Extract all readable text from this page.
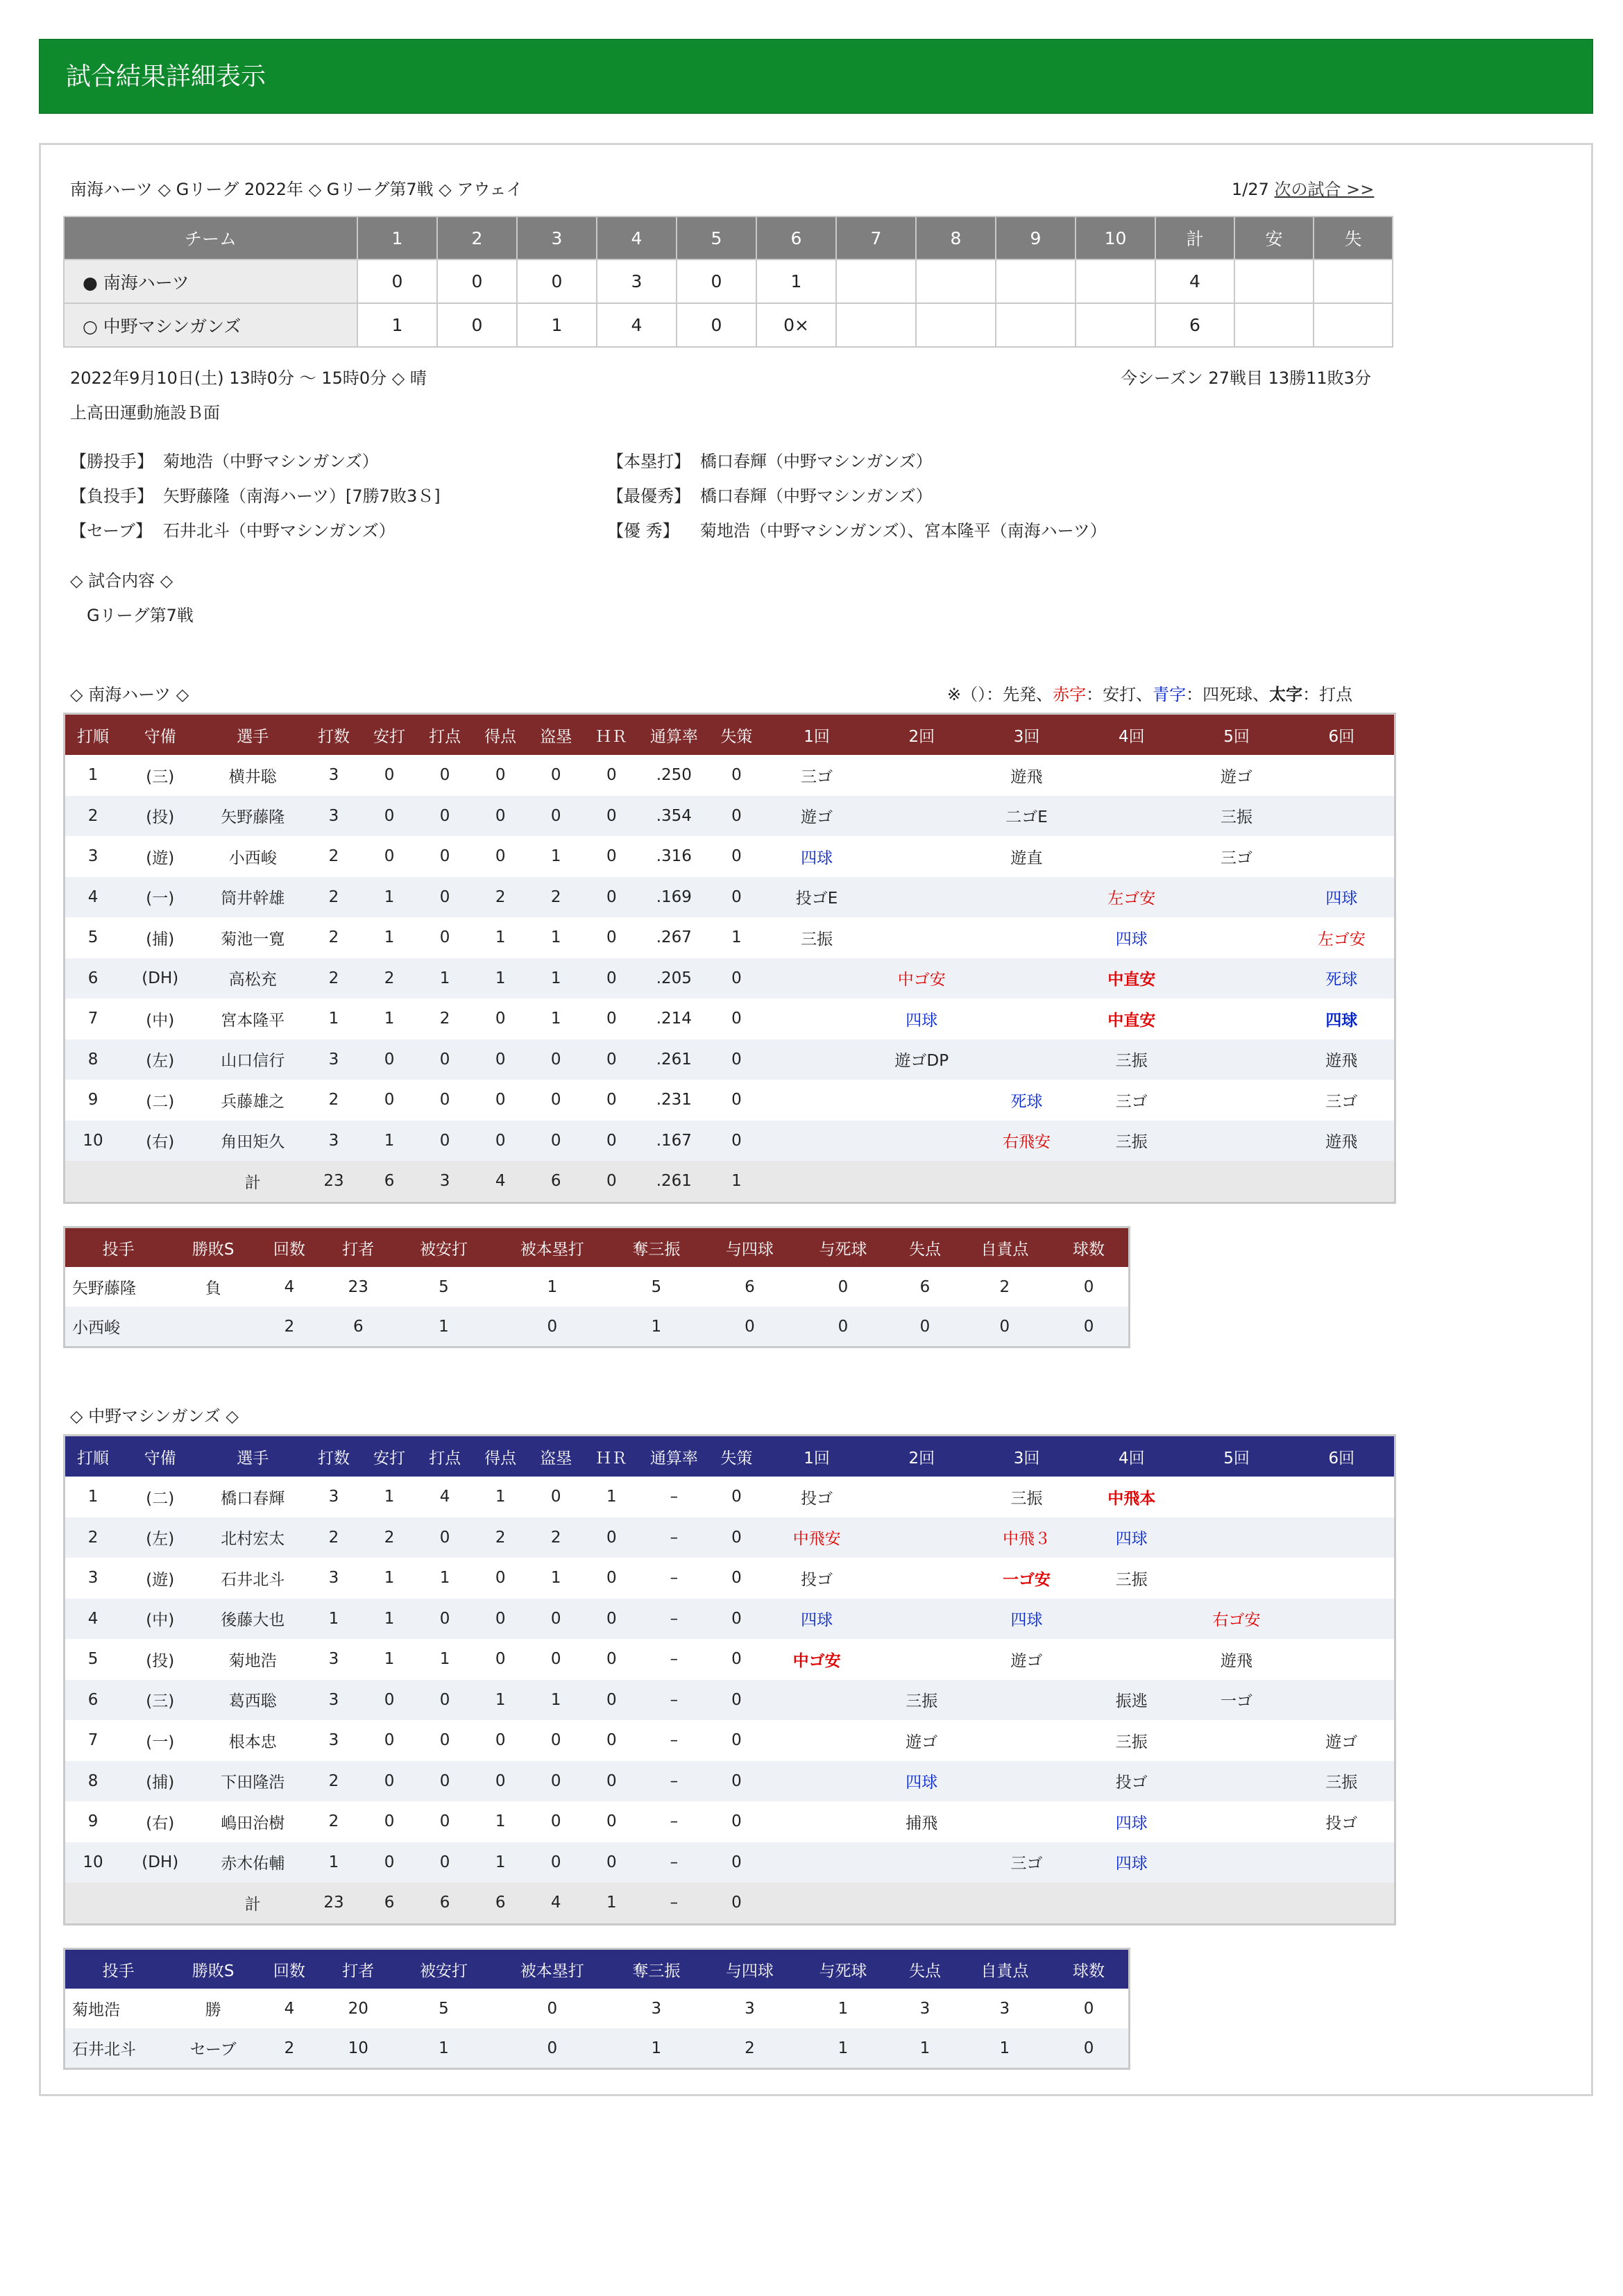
試合結果詳細表示
南海ハーツ ◇ Gリーグ 2022年 ◇ Gリーグ第7戦 ◇ アウェイ	1/27 次の試合 >>
チーム	1	2	3	4	5	6	7	8	9	10	計	安	失
● 南海ハーツ	0	0	0	3	0	1					4		
○ 中野マシンガンズ	1	0	1	4	0	0×					6		
2022年9月10日(土) 13時0分 ～ 15時0分 ◇ 晴	今シーズン 27戦目 13勝11敗3分
上高田運動施設Ｂ面
【勝投手】 菊地浩（中野マシンガンズ）
【負投手】 矢野藤隆（南海ハーツ）[7勝7敗3Ｓ]
【セーブ】 石井北斗（中野マシンガンズ）
【本塁打】 橋口春輝（中野マシンガンズ）
【最優秀】 橋口春輝（中野マシンガンズ）
【優 秀】 菊地浩（中野マシンガンズ）、宮本隆平（南海ハーツ）
◇ 試合内容 ◇
Gリーグ第7戦
◇ 南海ハーツ ◇	※（）：先発、赤字：安打、青字：四死球、太字：打点
打順	守備	選手	打数	安打	打点	得点	盗塁	ＨＲ	通算率	失策	1回	2回	3回	4回	5回	6回
1	(三)	横井聡	3	0	0	0	0	0	.250	0	三ゴ		遊飛		遊ゴ	
2	(投)	矢野藤隆	3	0	0	0	0	0	.354	0	遊ゴ		二ゴE		三振	
3	(遊)	小西峻	2	0	0	0	1	0	.316	0	四球		遊直		三ゴ	
4	(一)	筒井幹雄	2	1	0	2	2	0	.169	0	投ゴE			左ゴ安		四球
5	(捕)	菊池一寛	2	1	0	1	1	0	.267	1	三振			四球		左ゴ安
6	(DH)	高松充	2	2	1	1	1	0	.205	0		中ゴ安		中直安		死球
7	(中)	宮本隆平	1	1	2	0	1	0	.214	0		四球		中直安		四球
8	(左)	山口信行	3	0	0	0	0	0	.261	0		遊ゴDP		三振		遊飛
9	(二)	兵藤雄之	2	0	0	0	0	0	.231	0			死球	三ゴ		三ゴ
10	(右)	角田矩久	3	1	0	0	0	0	.167	0			右飛安	三振		遊飛
		計	23	6	3	4	6	0	.261	1						
投手	勝敗S	回数	打者	被安打	被本塁打	奪三振	与四球	与死球	失点	自責点	球数
矢野藤隆	負	4	23	5	1	5	6	0	6	2	0
小西峻		2	6	1	0	1	0	0	0	0	0
◇ 中野マシンガンズ ◇
打順	守備	選手	打数	安打	打点	得点	盗塁	ＨＲ	通算率	失策	1回	2回	3回	4回	5回	6回
1	(二)	橋口春輝	3	1	4	1	0	1	–	0	投ゴ		三振	中飛本		
2	(左)	北村宏太	2	2	0	2	2	0	–	0	中飛安		中飛３	四球		
3	(遊)	石井北斗	3	1	1	0	1	0	–	0	投ゴ		一ゴ安	三振		
4	(中)	後藤大也	1	1	0	0	0	0	–	0	四球		四球		右ゴ安	
5	(投)	菊地浩	3	1	1	0	0	0	–	0	中ゴ安		遊ゴ		遊飛	
6	(三)	葛西聡	3	0	0	1	1	0	–	0		三振		振逃	一ゴ	
7	(一)	根本忠	3	0	0	0	0	0	–	0		遊ゴ		三振		遊ゴ
8	(捕)	下田隆浩	2	0	0	0	0	0	–	0		四球		投ゴ		三振
9	(右)	嶋田治樹	2	0	0	1	0	0	–	0		捕飛		四球		投ゴ
10	(DH)	赤木佑輔	1	0	0	1	0	0	–	0			三ゴ	四球		
		計	23	6	6	6	4	1	–	0						
投手	勝敗S	回数	打者	被安打	被本塁打	奪三振	与四球	与死球	失点	自責点	球数
菊地浩	勝	4	20	5	0	3	3	1	3	3	0
石井北斗	セーブ	2	10	1	0	1	2	1	1	1	0
